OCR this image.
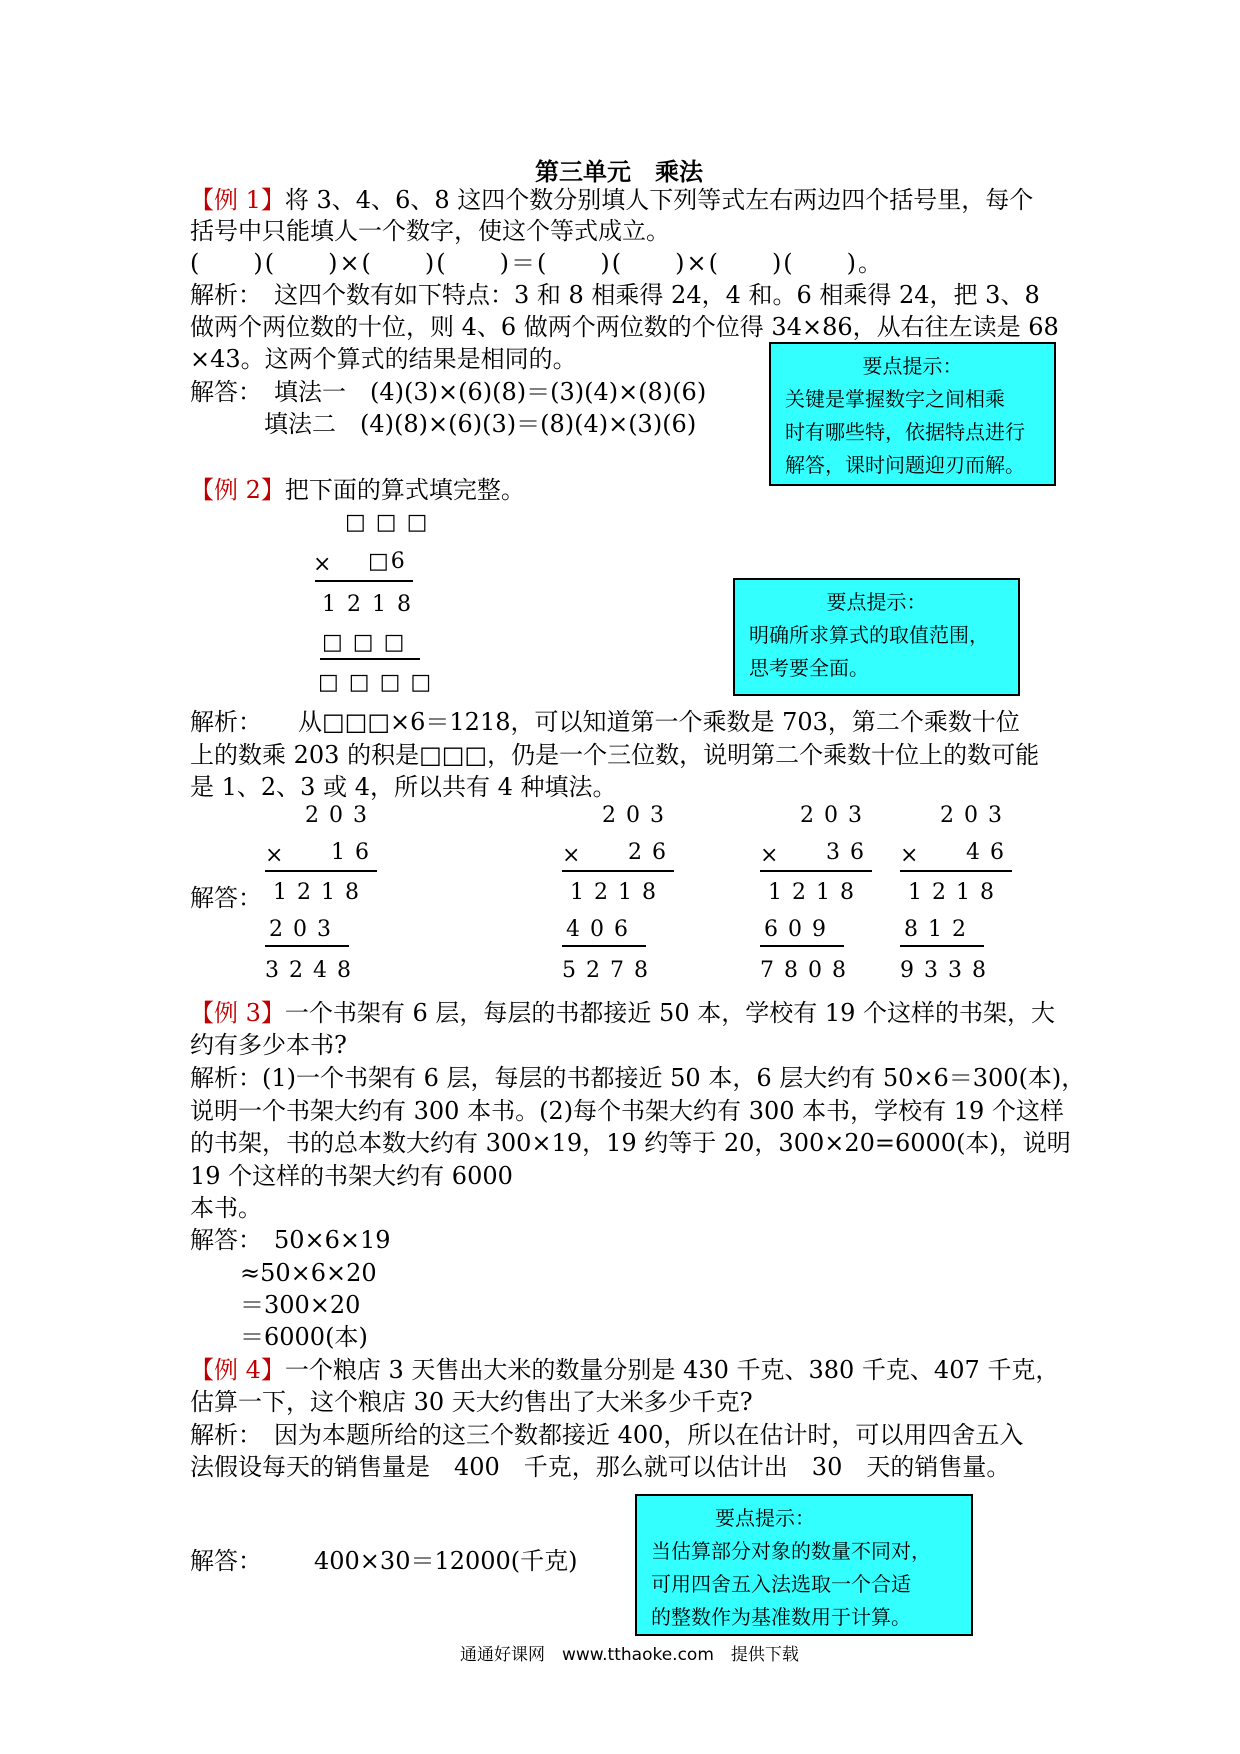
第三单元　乘法
【例 1】将 3、4、6、8 这四个数分别填人下列等式左右两边四个括号里，每个
括号中只能填人一个数字，使这个等式成立。
(　　)(　　)×(　　)(　　)＝(　　)(　　)×(　　)(　　)。
解析：　这四个数有如下特点：3 和 8 相乘得 24，4 和。6 相乘得 24，把 3、8
做两个两位数的十位，则 4、6 做两个两位数的个位得 34×86，从右往左读是 68
×43。这两个算式的结果是相同的。
解答：　填法一　(4)(3)×(6)(8)＝(3)(4)×(8)(6)
填法二　(4)(8)×(6)(3)＝(8)(4)×(3)(6)
要点提示：
关键是掌握数字之间相乘
时有哪些特，依据特点进行
解答，课时问题迎刃而解。
【例 2】把下面的算式填完整。
□□□
× □6
1 2 1 8
□□□
□□□□
要点提示：
明确所求算式的取值范围，
思考要全面。
解析：　　从□□□×6＝1218，可以知道第一个乘数是 703，第二个乘数十位
上的数乘 203 的积是□□□，仍是一个三位数，说明第二个乘数十位上的数可能
是 1、2、3 或 4，所以共有 4 种填法。
解答：
203
× 16
1218
203
3248
203
× 26
1218
406
5278
203
× 36
1218
609
7808
203
× 46
1218
812
9338
【例 3】一个书架有 6 层，每层的书都接近 50 本，学校有 19 个这样的书架，大
约有多少本书?
解析：(1)一个书架有 6 层，每层的书都接近 50 本，6 层大约有 50×6＝300(本)，
说明一个书架大约有 300 本书。(2)每个书架大约有 300 本书，学校有 19 个这样
的书架，书的总本数大约有 300×19，19 约等于 20，300×20=6000(本)，说明
19 个这样的书架大约有 6000
本书。
解答：　50×6×19
≈50×6×20
＝300×20
＝6000(本)
【例 4】一个粮店 3 天售出大米的数量分别是 430 千克、380 千克、407 千克，
估算一下，这个粮店 30 天大约售出了大米多少千克?
解析：　因为本题所给的这三个数都接近 400，所以在估计时，可以用四舍五入
法假设每天的销售量是　400　千克，那么就可以估计出　30　天的销售量。
解答： 400×30＝12000(千克)
要点提示：
当估算部分对象的数量不同对，
可用四舍五入法选取一个合适
的整数作为基准数用于计算。
通通好课网　www.tthaoke.com　提供下载
